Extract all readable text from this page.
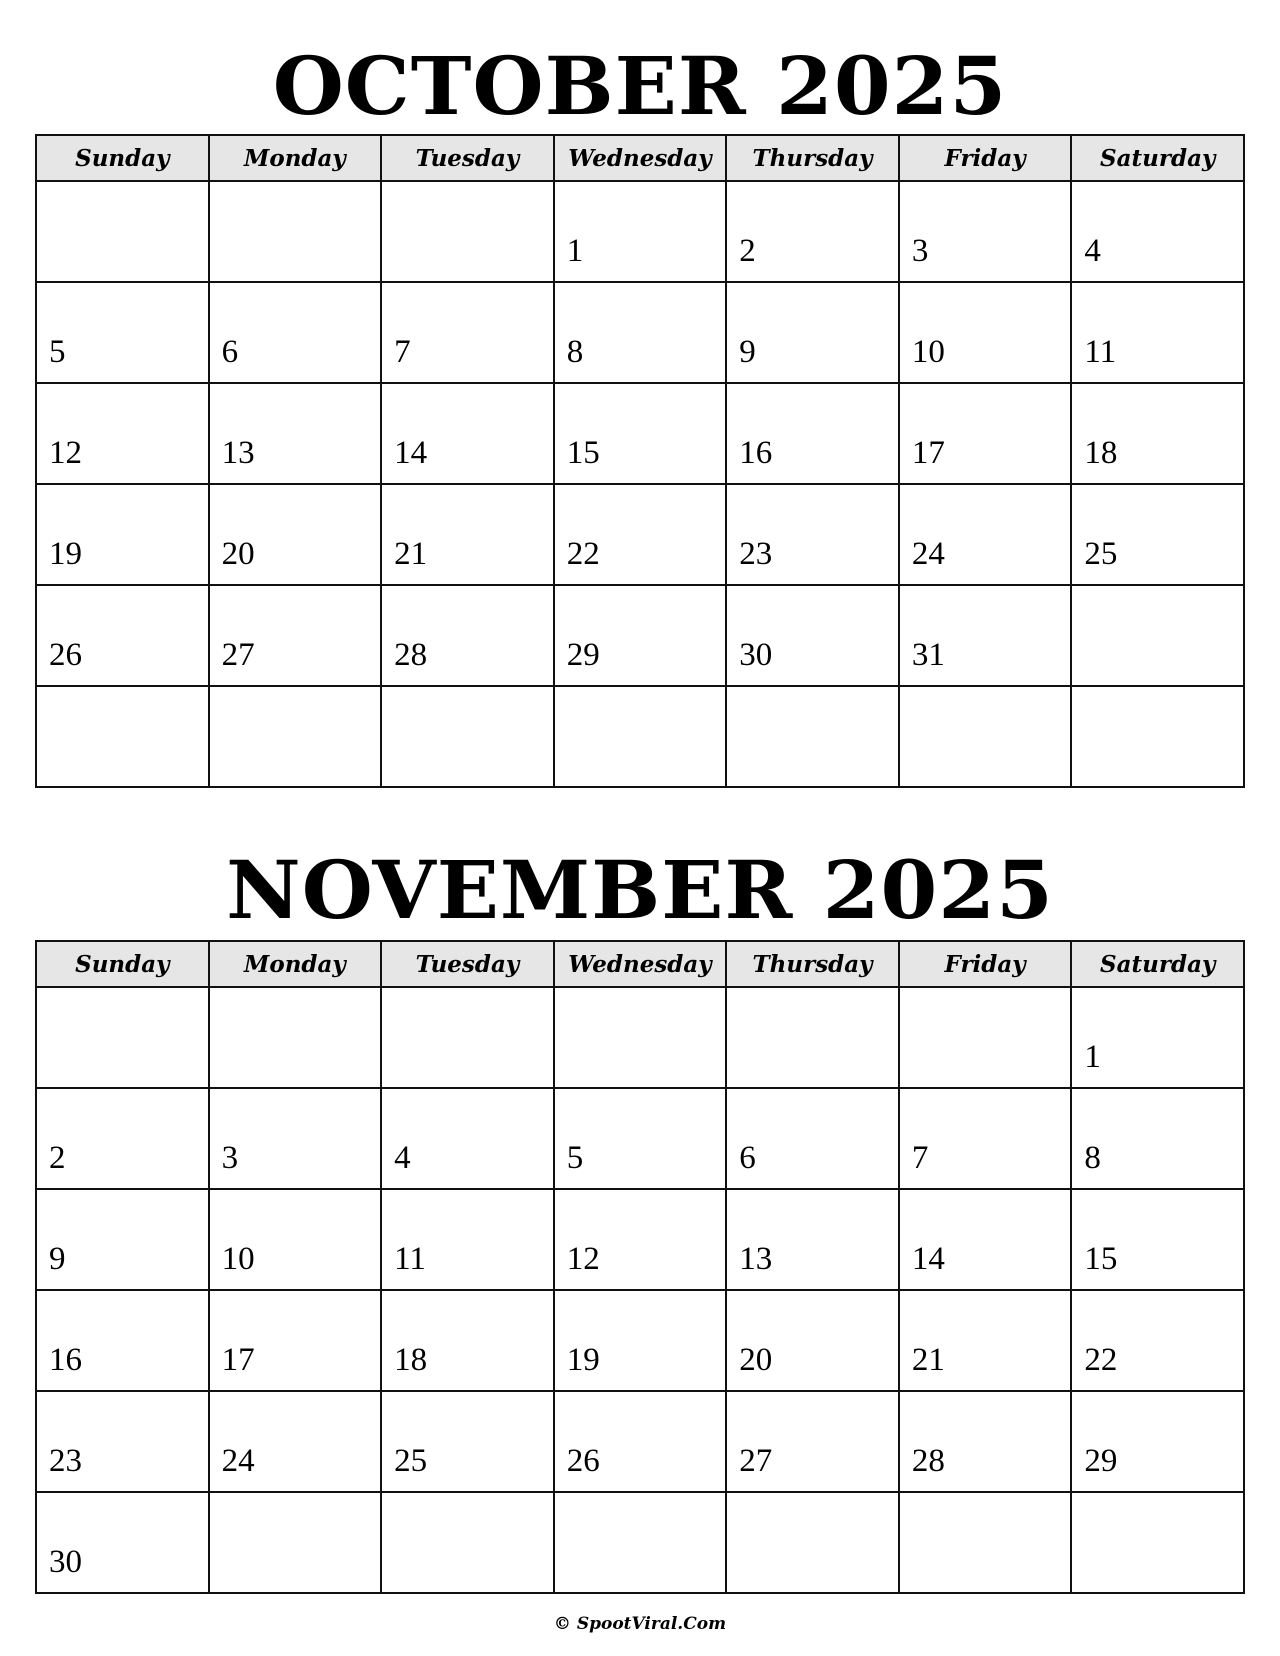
OCTOBER 2025
Sunday	Monday	Tuesday	Wednesday	Thursday	Friday	Saturday

			1	2	3	4

5	6	7	8	9	10	11

12	13	14	15	16	17	18

19	20	21	22	23	24	25

26	27	28	29	30	31	

NOVEMBER 2025
Sunday	Monday	Tuesday	Wednesday	Thursday	Friday	Saturday

						1

2	3	4	5	6	7	8

9	10	11	12	13	14	15

16	17	18	19	20	21	22

23	24	25	26	27	28	29

30						

© SpootViral.Com
